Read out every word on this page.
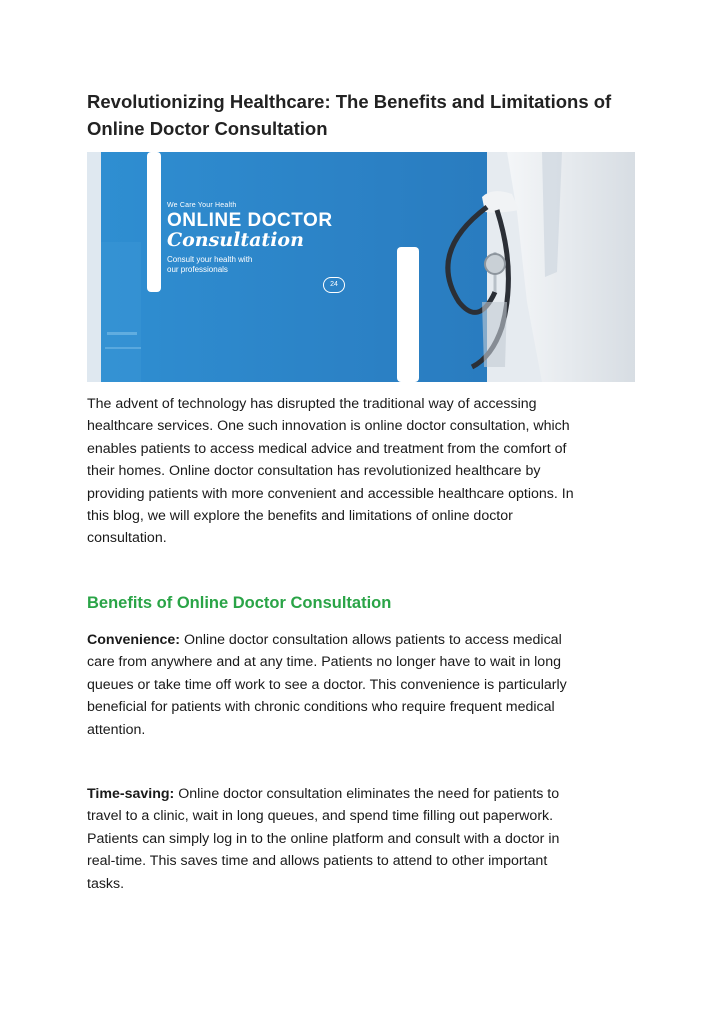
Revolutionizing Healthcare: The Benefits and Limitations of
Online Doctor Consultation
We Care Your Health
ONLINE DOCTOR
Consultation
Consult your health with
our professionals
24

The advent of technology has disrupted the traditional way of accessing
healthcare services. One such innovation is online doctor consultation, which
enables patients to access medical advice and treatment from the comfort of
their homes. Online doctor consultation has revolutionized healthcare by
providing patients with more convenient and accessible healthcare options. In
this blog, we will explore the benefits and limitations of online doctor
consultation.

Benefits of Online Doctor Consultation

Convenience: Online doctor consultation allows patients to access medical
care from anywhere and at any time. Patients no longer have to wait in long
queues or take time off work to see a doctor. This convenience is particularly
beneficial for patients with chronic conditions who require frequent medical
attention.

Time-saving: Online doctor consultation eliminates the need for patients to
travel to a clinic, wait in long queues, and spend time filling out paperwork.
Patients can simply log in to the online platform and consult with a doctor in
real-time. This saves time and allows patients to attend to other important
tasks.
